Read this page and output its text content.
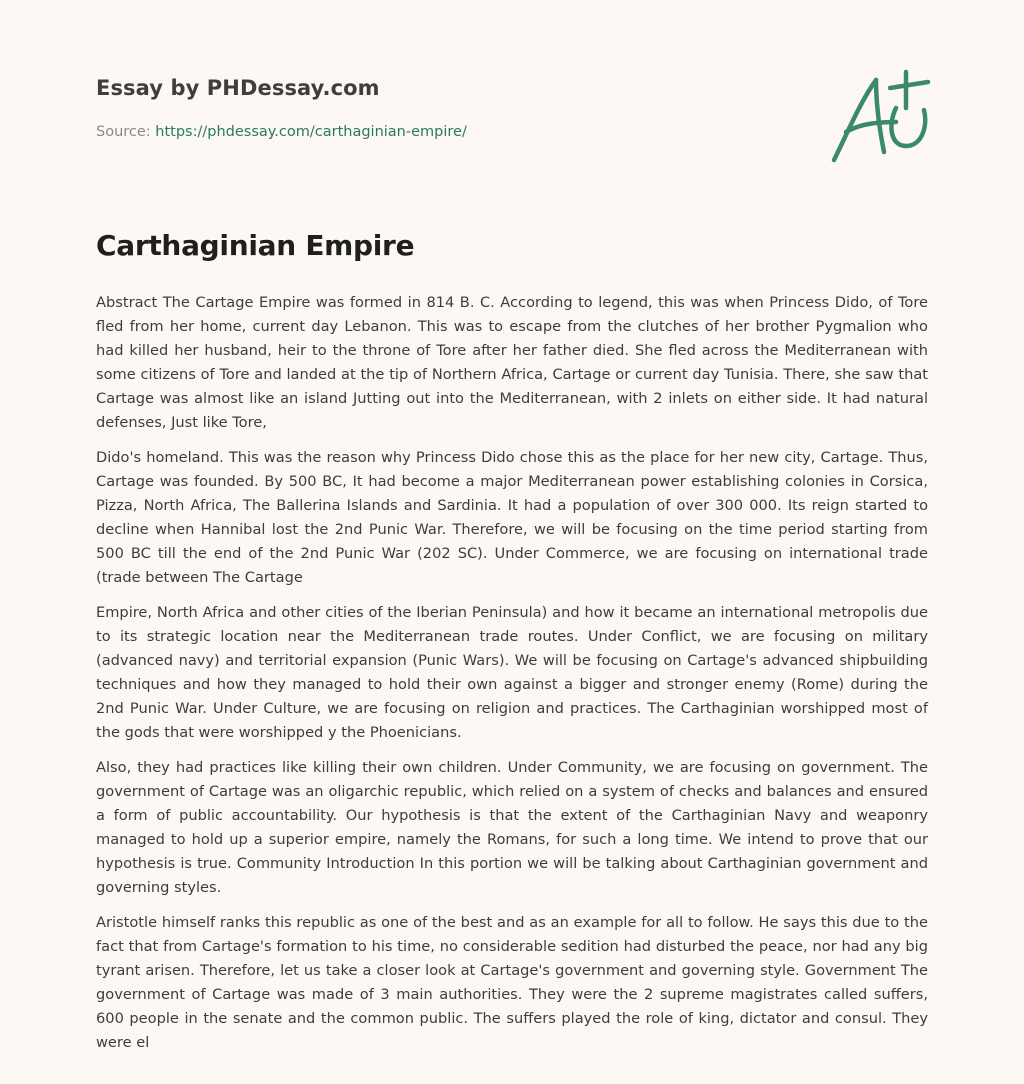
Essay by PHDessay.com
Source: https://phdessay.com/carthaginian-empire/
Carthaginian Empire

Abstract The Cartage Empire was formed in 814 B. C. According to legend, this was when Princess Dido, of Tore fled from her home, current day Lebanon. This was to escape from the clutches of her brother Pygmalion who had killed her husband, heir to the throne of Tore after her father died. She fled across the Mediterranean with some citizens of Tore and landed at the tip of Northern Africa, Cartage or current day Tunisia. There, she saw that Cartage was almost like an island Jutting out into the Mediterranean, with 2 inlets on either side. It had natural defenses, Just like Tore,

Dido's homeland. This was the reason why Princess Dido chose this as the place for her new city, Cartage. Thus, Cartage was founded. By 500 BC, It had become a major Mediterranean power establishing colonies in Corsica, Pizza, North Africa, The Ballerina Islands and Sardinia. It had a population of over 300 000. Its reign started to decline when Hannibal lost the 2nd Punic War. Therefore, we will be focusing on the time period starting from 500 BC till the end of the 2nd Punic War (202 SC). Under Commerce, we are focusing on international trade (trade between The Cartage

Empire, North Africa and other cities of the Iberian Peninsula) and how it became an international metropolis due to its strategic location near the Mediterranean trade routes. Under Conflict, we are focusing on military (advanced navy) and territorial expansion (Punic Wars). We will be focusing on Cartage's advanced shipbuilding techniques and how they managed to hold their own against a bigger and stronger enemy (Rome) during the 2nd Punic War. Under Culture, we are focusing on religion and practices. The Carthaginian worshipped most of the gods that were worshipped y the Phoenicians.

Also, they had practices like killing their own children. Under Community, we are focusing on government. The government of Cartage was an oligarchic republic, which relied on a system of checks and balances and ensured a form of public accountability. Our hypothesis is that the extent of the Carthaginian Navy and weaponry managed to hold up a superior empire, namely the Romans, for such a long time. We intend to prove that our hypothesis is true. Community Introduction In this portion we will be talking about Carthaginian government and governing styles.

Aristotle himself ranks this republic as one of the best and as an example for all to follow. He says this due to the fact that from Cartage's formation to his time, no considerable sedition had disturbed the peace, nor had any big tyrant arisen. Therefore, let us take a closer look at Cartage's government and governing style. Government The government of Cartage was made of 3 main authorities. They were the 2 supreme magistrates called suffers, 600 people in the senate and the common public. The suffers played the role of king, dictator and consul. They were el
